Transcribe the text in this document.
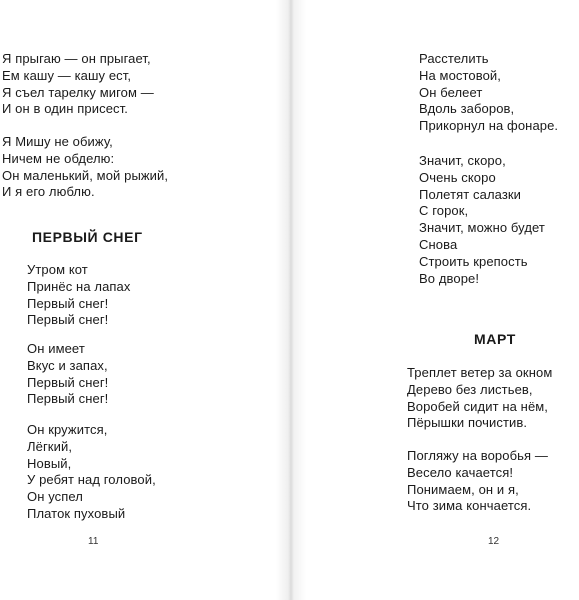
Я прыгаю — он прыгает,
Ем кашу — кашу ест,
Я съел тарелку мигом —
И он в один присест.
Я Мишу не обижу,
Ничем не обделю:
Он маленький, мой рыжий,
И я его люблю.
ПЕРВЫЙ СНЕГ
Утром кот
Принёс на лапах
Первый снег!
Первый снег!
Он имеет
Вкус и запах,
Первый снег!
Первый снег!
Он кружится,
Лёгкий,
Новый,
У ребят над головой,
Он успел
Платок пуховый
11
Расстелить
На мостовой,
Он белеет
Вдоль заборов,
Прикорнул на фонаре.
Значит, скоро,
Очень скоро
Полетят салазки
С горок,
Значит, можно будет
Снова
Строить крепость
Во дворе!
МАРТ
Треплет ветер за окном
Дерево без листьев,
Воробей сидит на нём,
Пёрышки почистив.
Погляжу на воробья —
Весело качается!
Понимаем, он и я,
Что зима кончается.
12
